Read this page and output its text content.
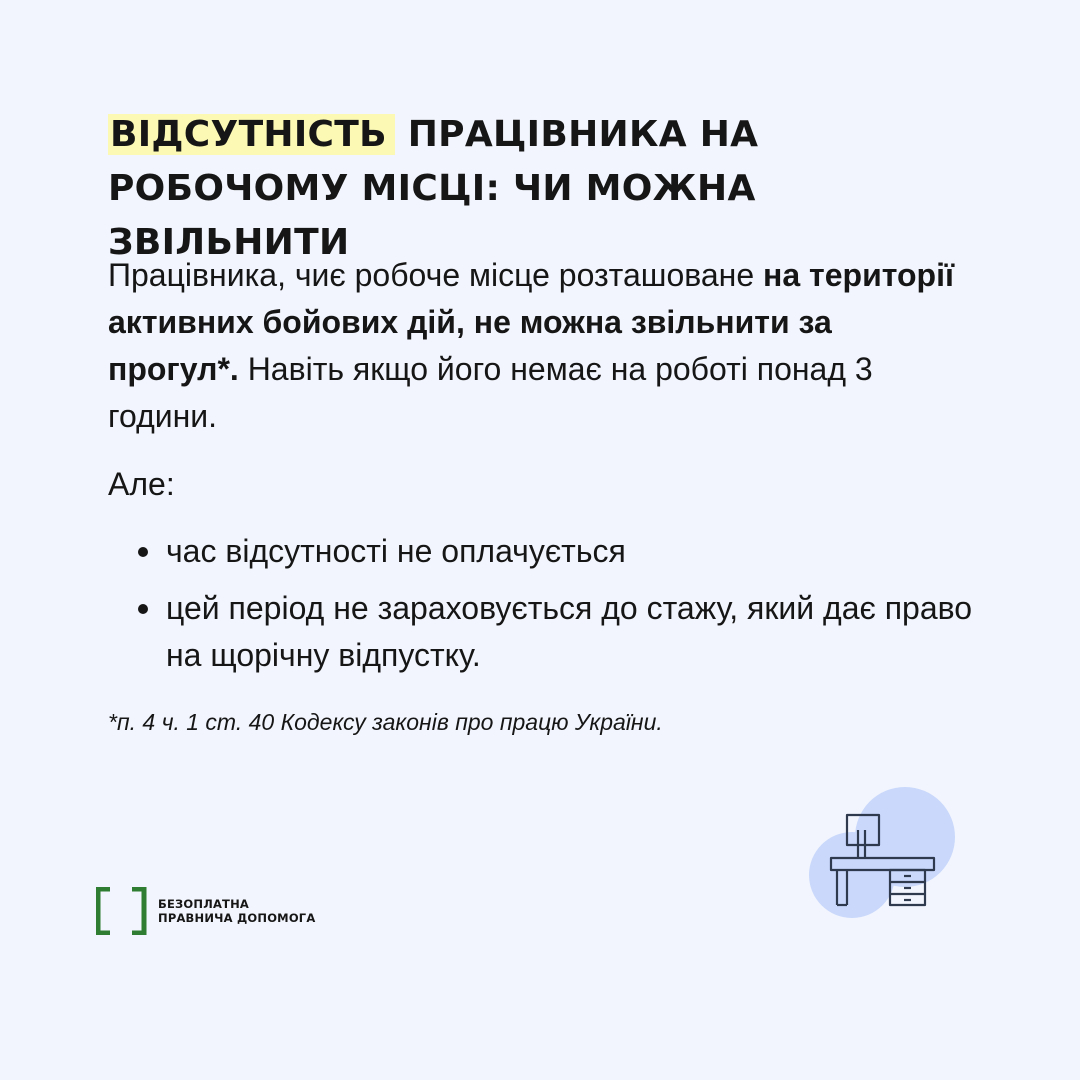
ВІДСУТНІСТЬ ПРАЦІВНИКА НА РОБОЧОМУ МІСЦІ: ЧИ МОЖНА ЗВІЛЬНИТИ

Працівника, чиє робоче місце розташоване на території активних бойових дій, не можна звільнити за прогул*. Навіть якщо його немає на роботі понад 3 години.

Але:

час відсутності не оплачується
цей період не зараховується до стажу, який дає право на щорічну відпустку.

*п. 4 ч. 1 ст. 40 Кодексу законів про працю України.

БЕЗОПЛАТНА
ПРАВНИЧА ДОПОМОГА
